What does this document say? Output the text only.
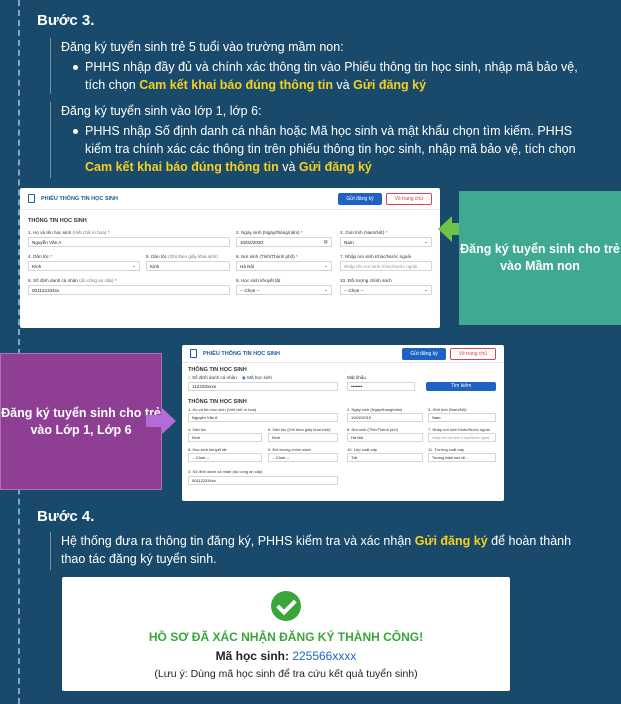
Bước 3.

Đăng ký tuyển sinh trẻ 5 tuổi vào trường mầm non:

PHHS nhập đầy đủ và chính xác thông tin vào Phiếu thông tin học sinh, nhập mã bảo vệ, tích chọn Cam kết khai báo đúng thông tin và Gửi đăng ký

Đăng ký tuyển sinh vào lớp 1, lớp 6:

PHHS nhập Số định danh cá nhân hoặc Mã học sinh và mật khẩu chọn tìm kiếm. PHHS kiểm tra chính xác các thông tin trên phiếu thông tin học sinh, nhập mã bảo vệ, tích chọn Cam kết khai báo đúng thông tin và Gửi đăng ký
PHIẾU THÔNG TIN HỌC SINH	Gửi đăng ký	Về trang chủ
THÔNG TIN HỌC SINH
1. Họ và tên học sinh (Viết chữ in hoa) *
Nguyễn Văn A
2. Ngày sinh (Ngày/tháng/năm) *
10/02/2020	▦
3. Giới tính (Nam/Nữ) *
Nam	⌄
4. Dân tộc *
Kinh	⌄
5. Dân tộc (Ghi theo giấy khai sinh)
Kinh
6. Nơi sinh (Tỉnh/Thành phố) *
Hà Nội	⌄
7. Nhập nơi sinh Khác/Nước ngoài
Nhập tên nơi sinh Khác/Nước ngoài
8. Số định danh cá nhân (do công an cấp) *
001122334xx
9. Học sinh khuyết tật
-- Chọn --	⌄
10. Đối tượng chính sách
-- Chọn --	⌄
Đăng ký tuyển sinh cho trẻ vào Mầm non
Đăng ký tuyển sinh cho trẻ vào Lớp 1, Lớp 6
PHIẾU THÔNG TIN HỌC SINH	Gửi đăng ký	Về trang chủ
THÔNG TIN HỌC SINH
○ Số định danh cá nhân ◉ Mã học sinh
112233xxxx
Mật khẩu
•••••••	Tìm kiếm
THÔNG TIN HỌC SINH
1. Họ và tên học sinh (Viết chữ in hoa)
Nguyễn Văn A
2. Ngày sinh (Ngày/tháng/năm)
10/02/2019
3. Giới tính (Nam/Nữ)
Nam
4. Dân tộc
Kinh
5. Dân tộc (Ghi theo giấy khai sinh)
Kinh
6. Nơi sinh (Tỉnh/Thành phố)
Hà Nội
7. Nhập nơi sinh Khác/Nước ngoài
Nhập tên nơi sinh Khác/Nước ngoài
8. Học sinh khuyết tật
-- Chọn --
9. Đối tượng chính sách
-- Chọn --
10. Lớp xuất cấp
Tất
11. Trường xuất cấp
Trường mầm non xã ...
3. Số định danh cá nhân (do công an cấp)
001122334xx
Bước 4.

Hệ thống đưa ra thông tin đăng ký, PHHS kiểm tra và xác nhận Gửi đăng ký để hoàn thành thao tác đăng ký tuyển sinh.

HỒ SƠ ĐÃ XÁC NHẬN ĐĂNG KÝ THÀNH CÔNG!
Mã học sinh: 225566xxxx
(Lưu ý: Dùng mã học sinh để tra cứu kết quả tuyển sinh)
